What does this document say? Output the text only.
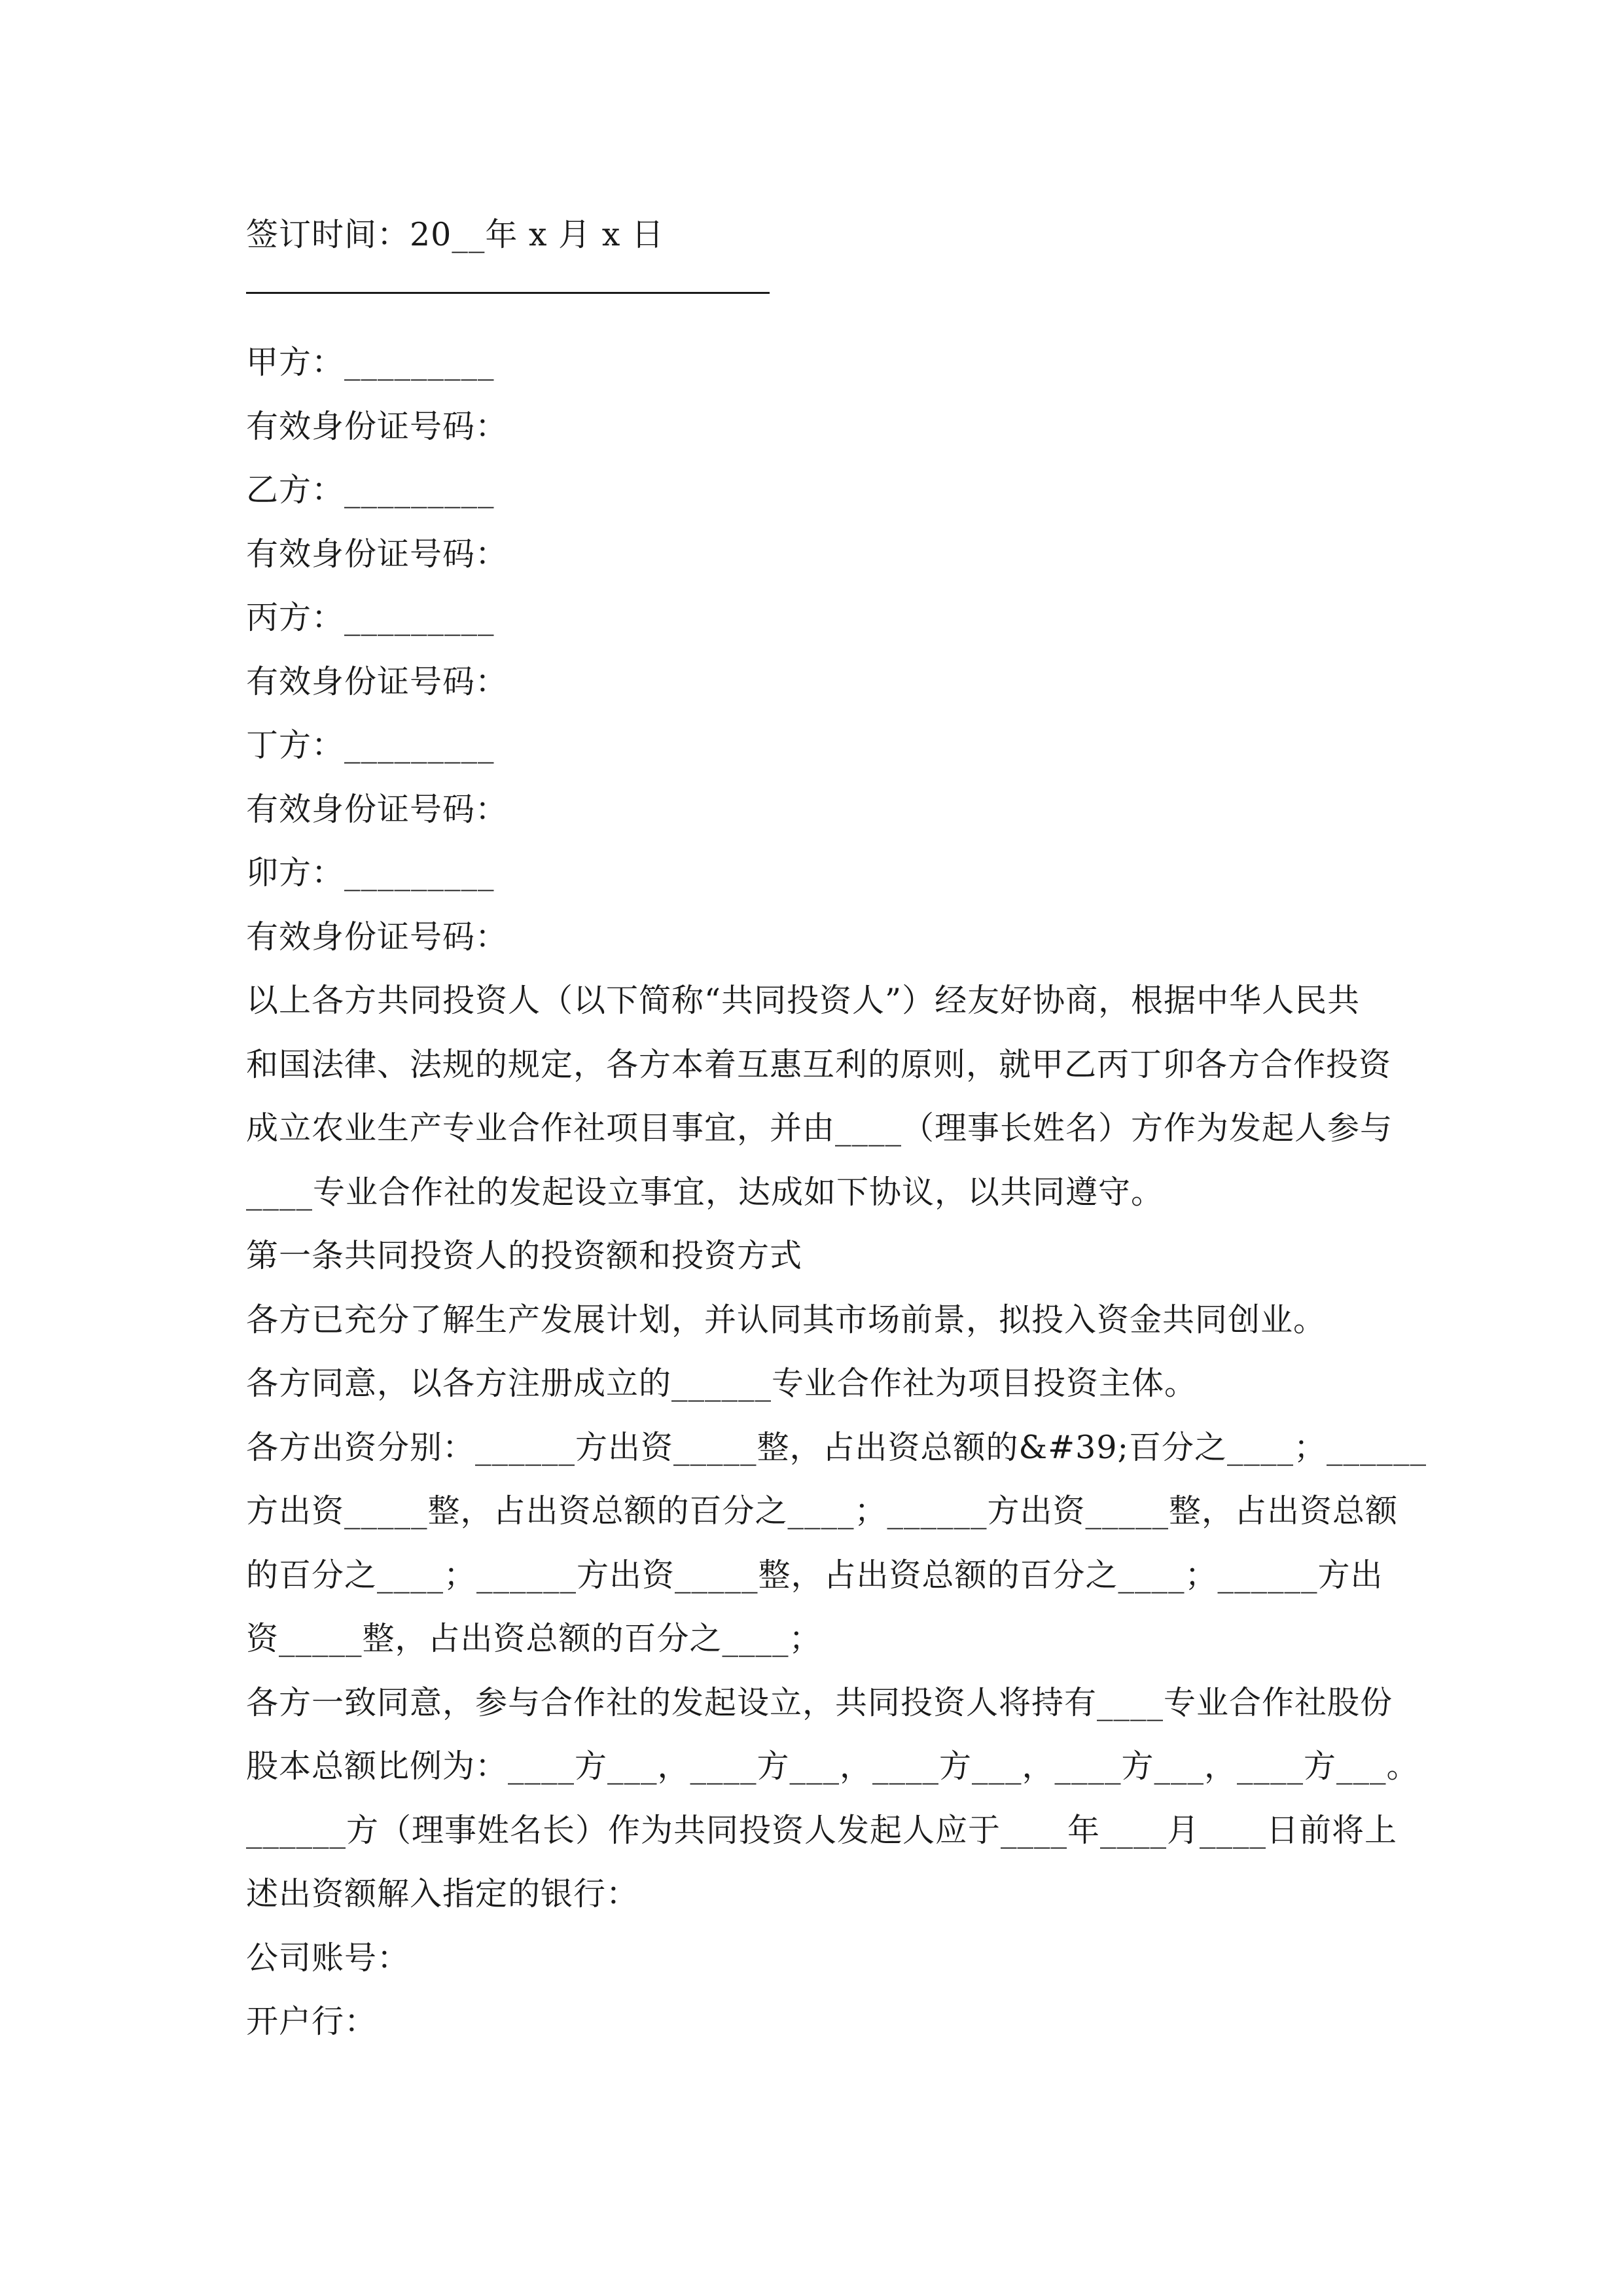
签订时间：20__年 x 月 x 日
甲方：_________
有效身份证号码：
乙方：_________
有效身份证号码：
丙方：_________
有效身份证号码：
丁方：_________
有效身份证号码：
卯方：_________
有效身份证号码：
以上各方共同投资人（以下简称“共同投资人”）经友好协商，根据中华人民共
和国法律、法规的规定，各方本着互惠互利的原则，就甲乙丙丁卯各方合作投资
成立农业生产专业合作社项目事宜，并由____（理事长姓名）方作为发起人参与
____专业合作社的发起设立事宜，达成如下协议，以共同遵守。
第一条共同投资人的投资额和投资方式
各方已充分了解生产发展计划，并认同其市场前景，拟投入资金共同创业。
各方同意，以各方注册成立的______专业合作社为项目投资主体。
各方出资分别：______方出资_____整，占出资总额的&#39;百分之____；______
方出资_____整，占出资总额的百分之____；______方出资_____整，占出资总额
的百分之____；______方出资_____整，占出资总额的百分之____；______方出
资_____整，占出资总额的百分之____；
各方一致同意，参与合作社的发起设立，共同投资人将持有____专业合作社股份
股本总额比例为：____方___，____方___，____方___，____方___，____方___。
______方（理事姓名长）作为共同投资人发起人应于____年____月____日前将上
述出资额解入指定的银行：
公司账号：
开户行：
